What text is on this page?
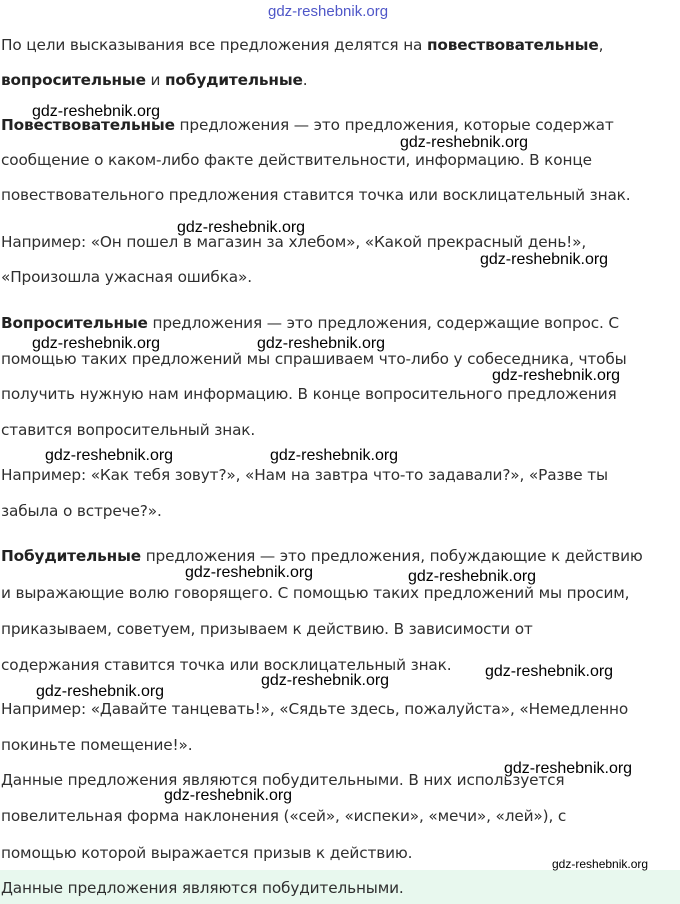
gdz-reshebnik.org

По цели высказывания все предложения делятся на повествовательные,

вопросительные и побудительные.

Повествовательные предложения — это предложения, которые содержат

сообщение о каком-либо факте действительности, информацию. В конце

повествовательного предложения ставится точка или восклицательный знак.

Например: «Он пошел в магазин за хлебом», «Какой прекрасный день!»,

«Произошла ужасная ошибка».

Вопросительные предложения — это предложения, содержащие вопрос. С

помощью таких предложений мы спрашиваем что-либо у собеседника, чтобы

получить нужную нам информацию. В конце вопросительного предложения

ставится вопросительный знак.

Например: «Как тебя зовут?», «Нам на завтра что-то задавали?», «Разве ты

забыла о встрече?».

Побудительные предложения — это предложения, побуждающие к действию

и выражающие волю говорящего. С помощью таких предложений мы просим,

приказываем, советуем, призываем к действию. В зависимости от

содержания ставится точка или восклицательный знак.

Например: «Давайте танцевать!», «Сядьте здесь, пожалуйста», «Немедленно

покиньте помещение!».

Данные предложения являются побудительными. В них используется

повелительная форма наклонения («сей», «испеки», «мечи», «лей»), с

помощью которой выражается призыв к действию.

Данные предложения являются побудительными.
gdz-reshebnik.org
gdz-reshebnik.org
gdz-reshebnik.org
gdz-reshebnik.org
gdz-reshebnik.org	gdz-reshebnik.org
gdz-reshebnik.org
gdz-reshebnik.org	gdz-reshebnik.org
gdz-reshebnik.org	gdz-reshebnik.org
gdz-reshebnik.org
gdz-reshebnik.org
gdz-reshebnik.org
gdz-reshebnik.org
gdz-reshebnik.org
gdz-reshebnik.org
